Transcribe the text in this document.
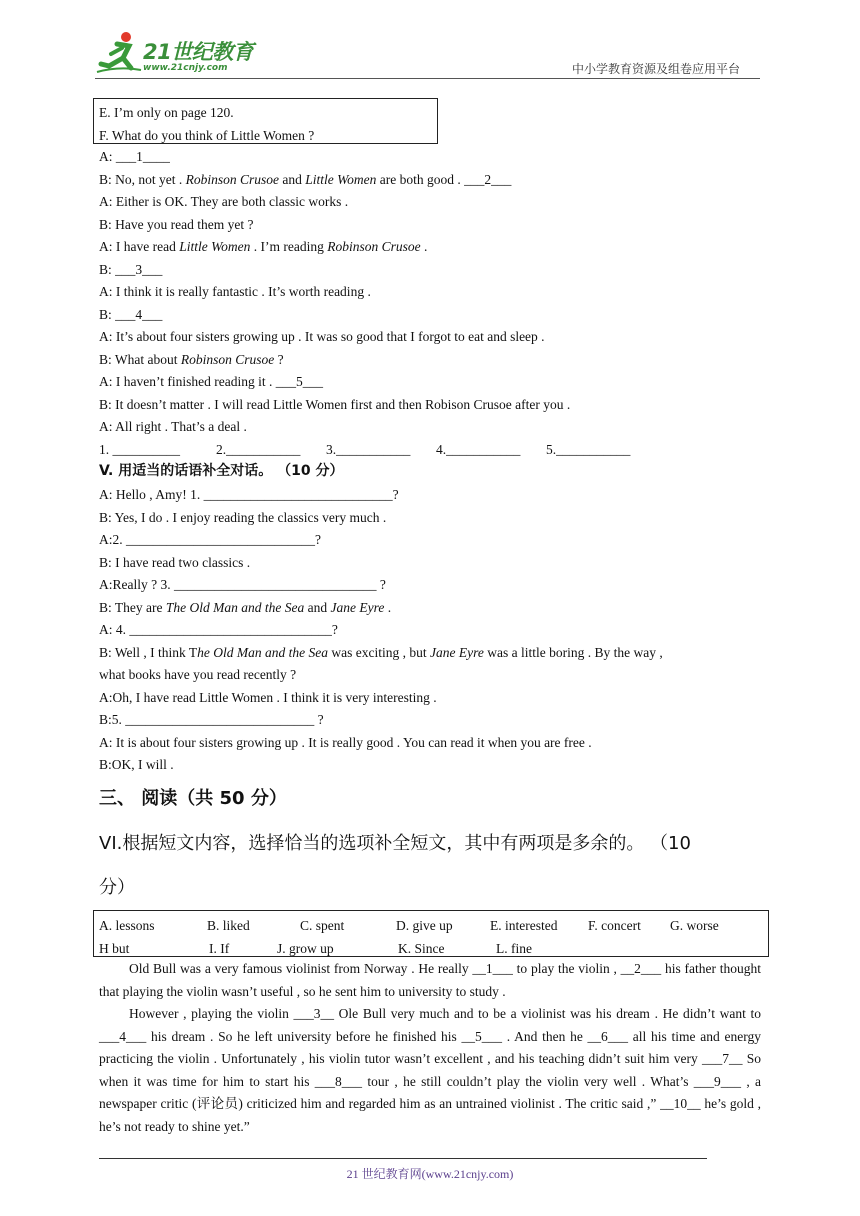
21世纪教育
www.21cnjy.com	中小学教育资源及组卷应用平台
E. I’m only on page 120.
F. What do you think of Little Women ?
A: ___1____
B: No, not yet . Robinson Crusoe and Little Women are both good . ___2___
A: Either is OK. They are both classic works .
B: Have you read them yet ?
A: I have read Little Women . I’m reading Robinson Crusoe .
B: ___3___
A: I think it is really fantastic . It’s worth reading .
B: ___4___
A: It’s about four sisters growing up . It was so good that I forgot to eat and sleep .
B: What about Robinson Crusoe ?
A: I haven’t finished reading it . ___5___
B: It doesn’t matter . I will read Little Women first and then Robison Crusoe after you .
A: All right . That’s a deal .
1. __________	2.___________ 3.___________ 4.___________ 5.___________
V. 用适当的话语补全对话。 （10 分）
A: Hello , Amy! 1. ____________________________?
B: Yes, I do . I enjoy reading the classics very much .
A:2. ____________________________?
B: I have read two classics .
A:Really ? 3. ______________________________ ?
B: They are The Old Man and the Sea and Jane Eyre .
A: 4. ______________________________?
B: Well , I think The Old Man and the Sea was exciting , but Jane Eyre was a little boring . By the way ,
what books have you read recently ?
A:Oh, I have read Little Women . I think it is very interesting .
B:5. ____________________________ ?
A: It is about four sisters growing up . It is really good . You can read it when you are free .
B:OK, I will .
三、 阅读（共 50 分）
VI.根据短文内容，选择恰当的选项补全短文，其中有两项是多余的。 （10
分）
A. lessons	B. liked	C. spent	D. give up	E. interested F. concert G. worse
H but	I. If	J. grow up	K. Since	L. fine
Old Bull was a very famous violinist from Norway . He really __1___ to play the violin , __2___ his father thought that playing the violin wasn’t useful , so he sent him to university to study .
However , playing the violin ___3__ Ole Bull very much and to be a violinist was his dream . He didn’t want to ___4___ his dream . So he left university before he finished his __5___ . And then he __6___ all his time and energy practicing the violin . Unfortunately , his violin tutor wasn’t excellent , and his teaching didn’t suit him very ___7__ So when it was time for him to start his ___8___ tour , he still couldn’t play the violin very well . What’s ___9___ , a newspaper critic (评论员) criticized him and regarded him as an untrained violinist . The critic said ,” __10__ he’s gold , he’s not ready to shine yet.”
21 世纪教育网(www.21cnjy.com)
